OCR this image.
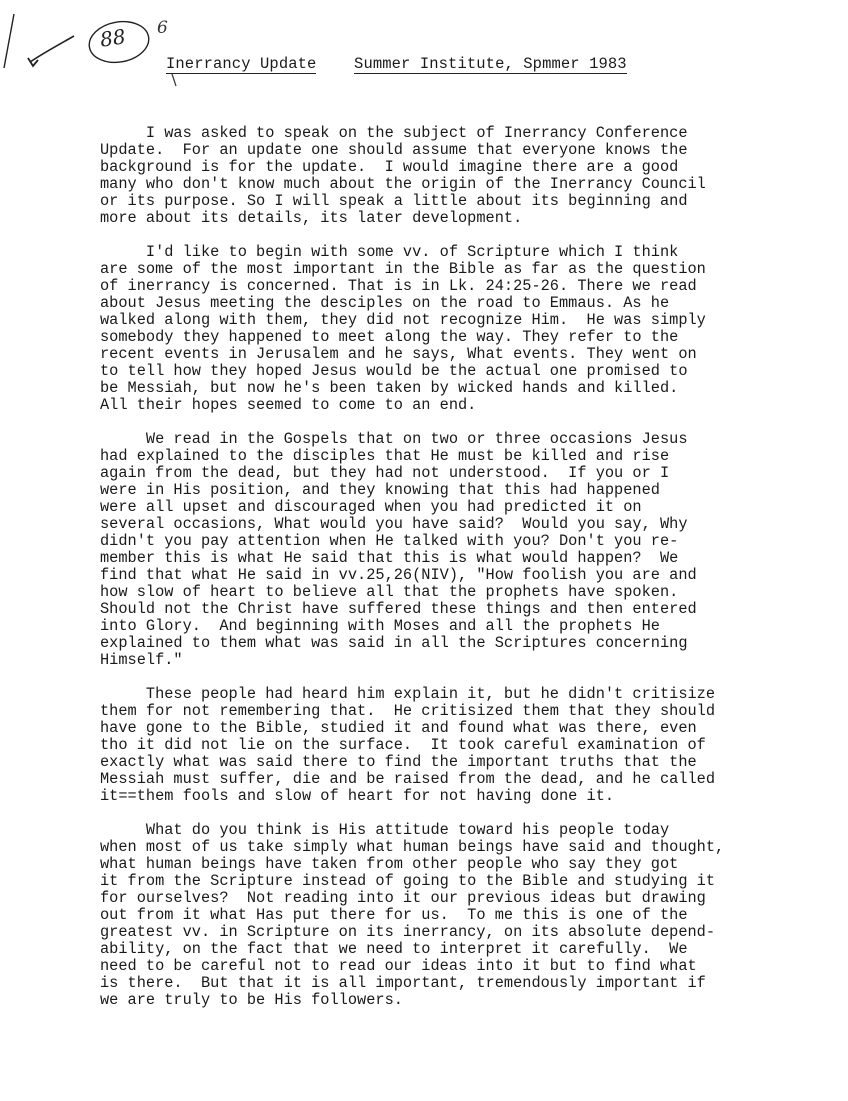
88 6
Inerrancy Update Summer Institute, Spmmer 1983
I was asked to speak on the subject of Inerrancy Conference
Update.  For an update one should assume that everyone knows the
background is for the update.  I would imagine there are a good
many who don't know much about the origin of the Inerrancy Council
or its purpose. So I will speak a little about its beginning and
more about its details, its later development.
I'd like to begin with some vv. of Scripture which I think
are some of the most important in the Bible as far as the question
of inerrancy is concerned. That is in Lk. 24:25-26. There we read
about Jesus meeting the desciples on the road to Emmaus. As he
walked along with them, they did not recognize Him.  He was simply
somebody they happened to meet along the way. They refer to the
recent events in Jerusalem and he says, What events. They went on
to tell how they hoped Jesus would be the actual one promised to
be Messiah, but now he's been taken by wicked hands and killed.
All their hopes seemed to come to an end.
We read in the Gospels that on two or three occasions Jesus
had explained to the disciples that He must be killed and rise
again from the dead, but they had not understood.  If you or I
were in His position, and they knowing that this had happened
were all upset and discouraged when you had predicted it on
several occasions, What would you have said?  Would you say, Why
didn't you pay attention when He talked with you? Don't you re-
member this is what He said that this is what would happen?  We
find that what He said in vv.25,26(NIV), "How foolish you are and
how slow of heart to believe all that the prophets have spoken.
Should not the Christ have suffered these things and then entered
into Glory.  And beginning with Moses and all the prophets He
explained to them what was said in all the Scriptures concerning
Himself."
These people had heard him explain it, but he didn't critisize
them for not remembering that.  He critisized them that they should
have gone to the Bible, studied it and found what was there, even
tho it did not lie on the surface.  It took careful examination of
exactly what was said there to find the important truths that the
Messiah must suffer, die and be raised from the dead, and he called
it==them fools and slow of heart for not having done it.
What do you think is His attitude toward his people today
when most of us take simply what human beings have said and thought,
what human beings have taken from other people who say they got
it from the Scripture instead of going to the Bible and studying it
for ourselves?  Not reading into it our previous ideas but drawing
out from it what Has put there for us.  To me this is one of the
greatest vv. in Scripture on its inerrancy, on its absolute depend-
ability, on the fact that we need to interpret it carefully.  We
need to be careful not to read our ideas into it but to find what
is there.  But that it is all important, tremendously important if
we are truly to be His followers.
